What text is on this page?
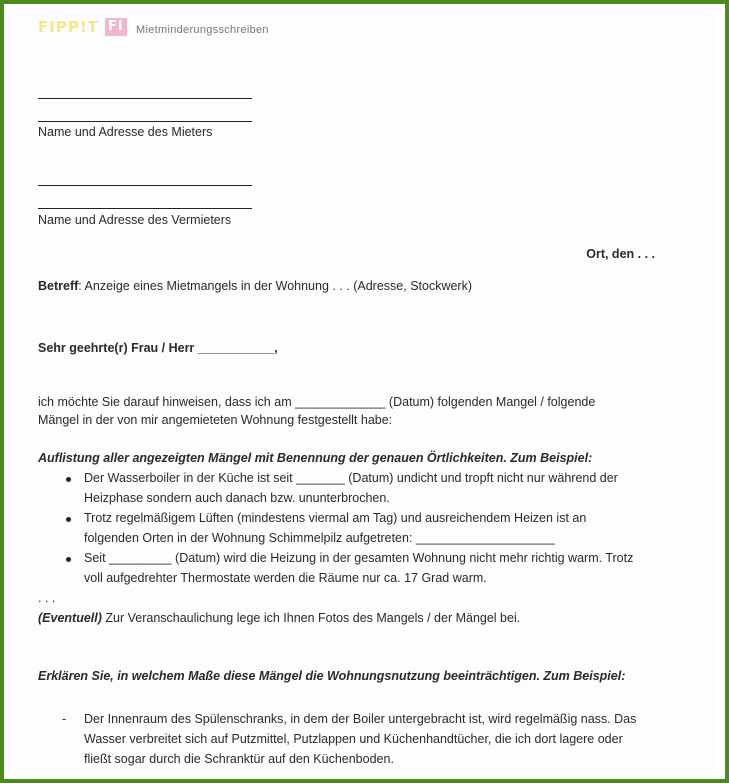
FIPP!T FI Mietminderungsschreiben
Name und Adresse des Mieters
Name und Adresse des Vermieters
Ort, den . . .
Betreff: Anzeige eines Mietmangels in der Wohnung . . . (Adresse, Stockwerk)
Sehr geehrte(r) Frau / Herr ___________,
ich möchte Sie darauf hinweisen, dass ich am _____________ (Datum) folgenden Mangel / folgende
Mängel in der von mir angemieteten Wohnung festgestellt habe:
Auflistung aller angezeigten Mängel mit Benennung der genauen Örtlichkeiten. Zum Beispiel:
Der Wasserboiler in der Küche ist seit _______ (Datum) undicht und tropft nicht nur während der
Heizphase sondern auch danach bzw. ununterbrochen.
Trotz regelmäßigem Lüften (mindestens viermal am Tag) und ausreichendem Heizen ist an
folgenden Orten in der Wohnung Schimmelpilz aufgetreten: ____________________
Seit _________ (Datum) wird die Heizung in der gesamten Wohnung nicht mehr richtig warm. Trotz
voll aufgedrehter Thermostate werden die Räume nur ca. 17 Grad warm.
. . .
(Eventuell) Zur Veranschaulichung lege ich Ihnen Fotos des Mangels / der Mängel bei.
Erklären Sie, in welchem Maße diese Mängel die Wohnungsnutzung beeinträchtigen. Zum Beispiel:
- Der Innenraum des Spülenschranks, in dem der Boiler untergebracht ist, wird regelmäßig nass. Das
Wasser verbreitet sich auf Putzmittel, Putzlappen und Küchenhandtücher, die ich dort lagere oder
fließt sogar durch die Schranktür auf den Küchenboden.
